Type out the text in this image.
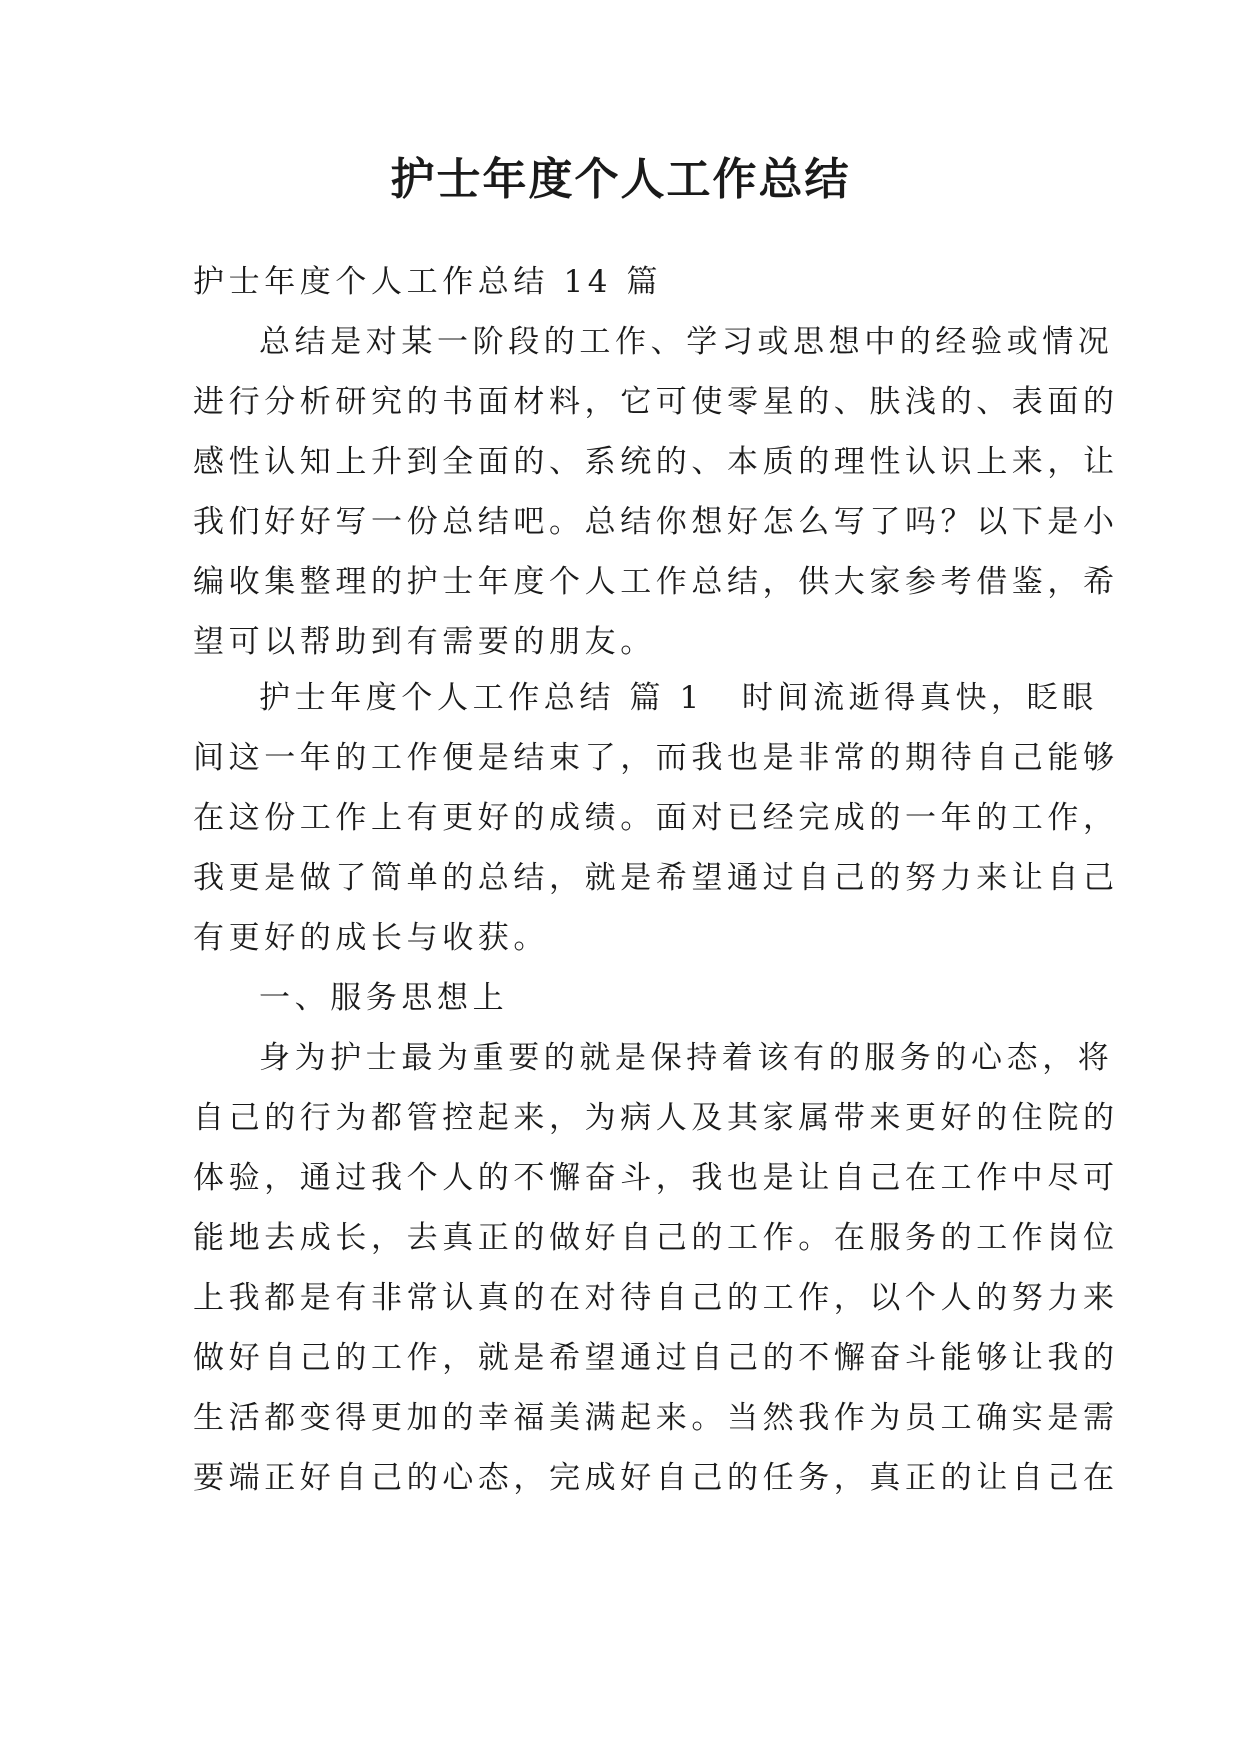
护士年度个人工作总结
护士年度个人工作总结 14 篇
总结是对某一阶段的工作、学习或思想中的经验或情况
进行分析研究的书面材料，它可使零星的、肤浅的、表面的
感性认知上升到全面的、系统的、本质的理性认识上来，让
我们好好写一份总结吧。总结你想好怎么写了吗？以下是小
编收集整理的护士年度个人工作总结，供大家参考借鉴，希
望可以帮助到有需要的朋友。
护士年度个人工作总结 篇 1 时间流逝得真快，眨眼
间这一年的工作便是结束了，而我也是非常的期待自己能够
在这份工作上有更好的成绩。面对已经完成的一年的工作，
我更是做了简单的总结，就是希望通过自己的努力来让自己
有更好的成长与收获。
一、服务思想上
身为护士最为重要的就是保持着该有的服务的心态，将
自己的行为都管控起来，为病人及其家属带来更好的住院的
体验，通过我个人的不懈奋斗，我也是让自己在工作中尽可
能地去成长，去真正的做好自己的工作。在服务的工作岗位
上我都是有非常认真的在对待自己的工作，以个人的努力来
做好自己的工作，就是希望通过自己的不懈奋斗能够让我的
生活都变得更加的幸福美满起来。当然我作为员工确实是需
要端正好自己的心态，完成好自己的任务，真正的让自己在
